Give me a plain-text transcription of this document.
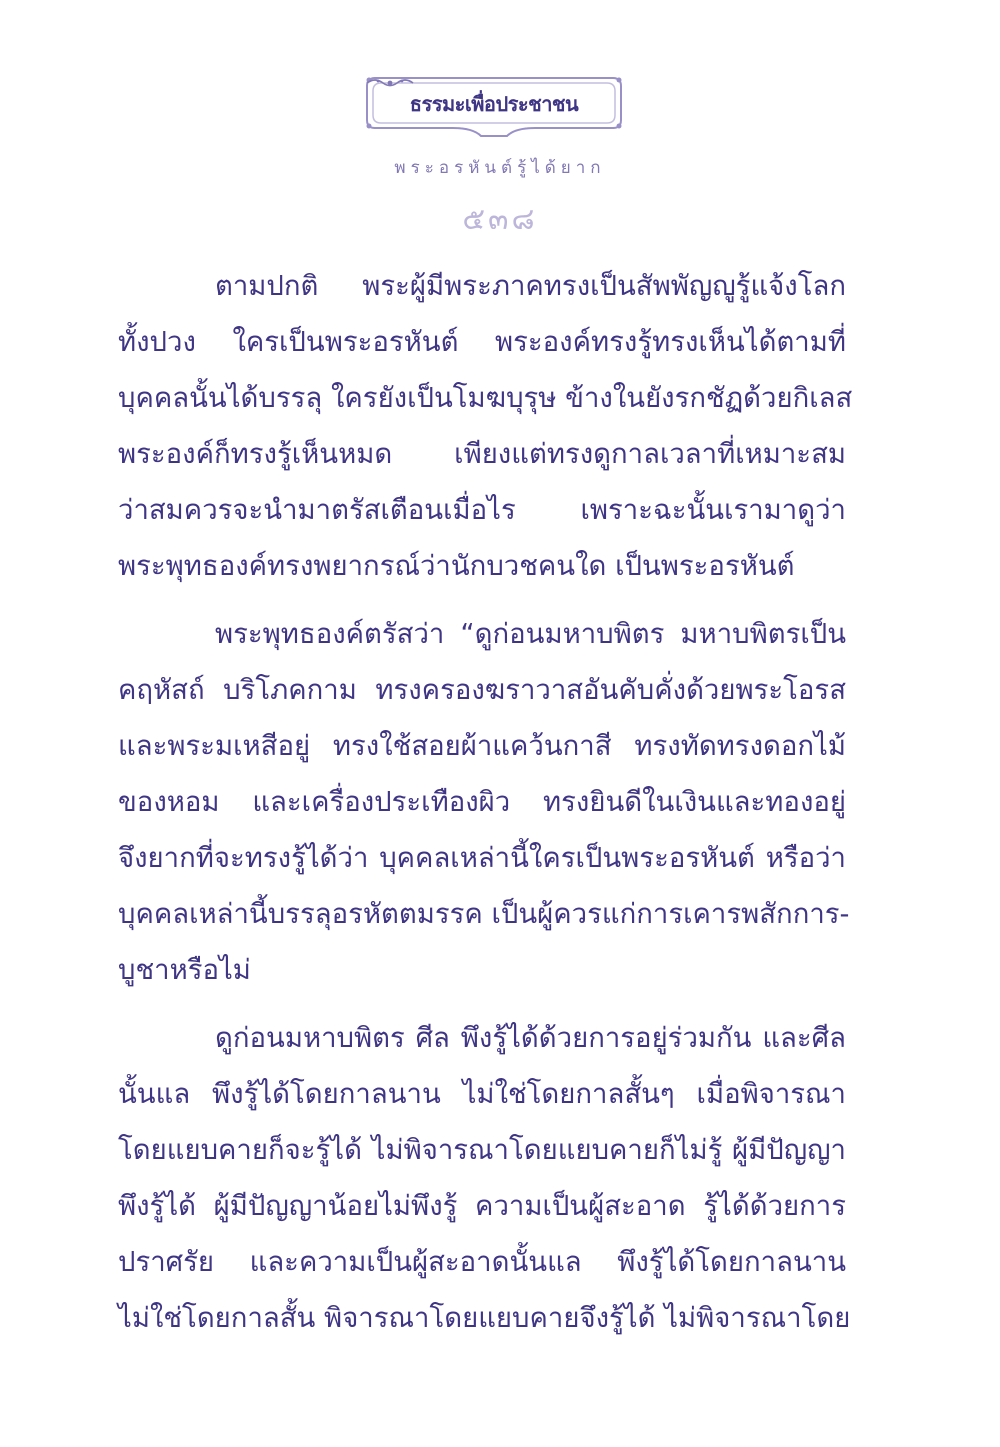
ธรรมะเพื่อประชาชน
พระอรหันต์รู้ได้ยาก
๕๓๘
ตามปกติ พระผู้มีพระภาคทรงเป็นสัพพัญญูรู้แจ้งโลก
ทั้งปวง ใครเป็นพระอรหันต์ พระองค์ทรงรู้ทรงเห็นได้ตามที่
บุคคลนั้นได้บรรลุ ใครยังเป็นโมฆบุรุษ ข้างในยังรกชัฏด้วยกิเลส
พระองค์ก็ทรงรู้เห็นหมด เพียงแต่ทรงดูกาลเวลาที่เหมาะสม
ว่าสมควรจะนำมาตรัสเตือนเมื่อไร เพราะฉะนั้นเรามาดูว่า
พระพุทธองค์ทรงพยากรณ์ว่านักบวชคนใด เป็นพระอรหันต์
พระพุทธองค์ตรัสว่า “ดูก่อนมหาบพิตร มหาบพิตรเป็น
คฤหัสถ์ บริโภคกาม ทรงครองฆราวาสอันคับคั่งด้วยพระโอรส
และพระมเหสีอยู่ ทรงใช้สอยผ้าแคว้นกาสี ทรงทัดทรงดอกไม้
ของหอม และเครื่องประเทืองผิว ทรงยินดีในเงินและทองอยู่
จึงยากที่จะทรงรู้ได้ว่า บุคคลเหล่านี้ใครเป็นพระอรหันต์ หรือว่า
บุคคลเหล่านี้บรรลุอรหัตตมรรค เป็นผู้ควรแก่การเคารพสักการ-
บูชาหรือไม่
ดูก่อนมหาบพิตร ศีล พึงรู้ได้ด้วยการอยู่ร่วมกัน และศีล
นั้นแล พึงรู้ได้โดยกาลนาน ไม่ใช่โดยกาลสั้นๆ เมื่อพิจารณา
โดยแยบคายก็จะรู้ได้ ไม่พิจารณาโดยแยบคายก็ไม่รู้ ผู้มีปัญญา
พึงรู้ได้ ผู้มีปัญญาน้อยไม่พึงรู้ ความเป็นผู้สะอาด รู้ได้ด้วยการ
ปราศรัย และความเป็นผู้สะอาดนั้นแล พึงรู้ได้โดยกาลนาน
ไม่ใช่โดยกาลสั้น พิจารณาโดยแยบคายจึงรู้ได้ ไม่พิจารณาโดย
